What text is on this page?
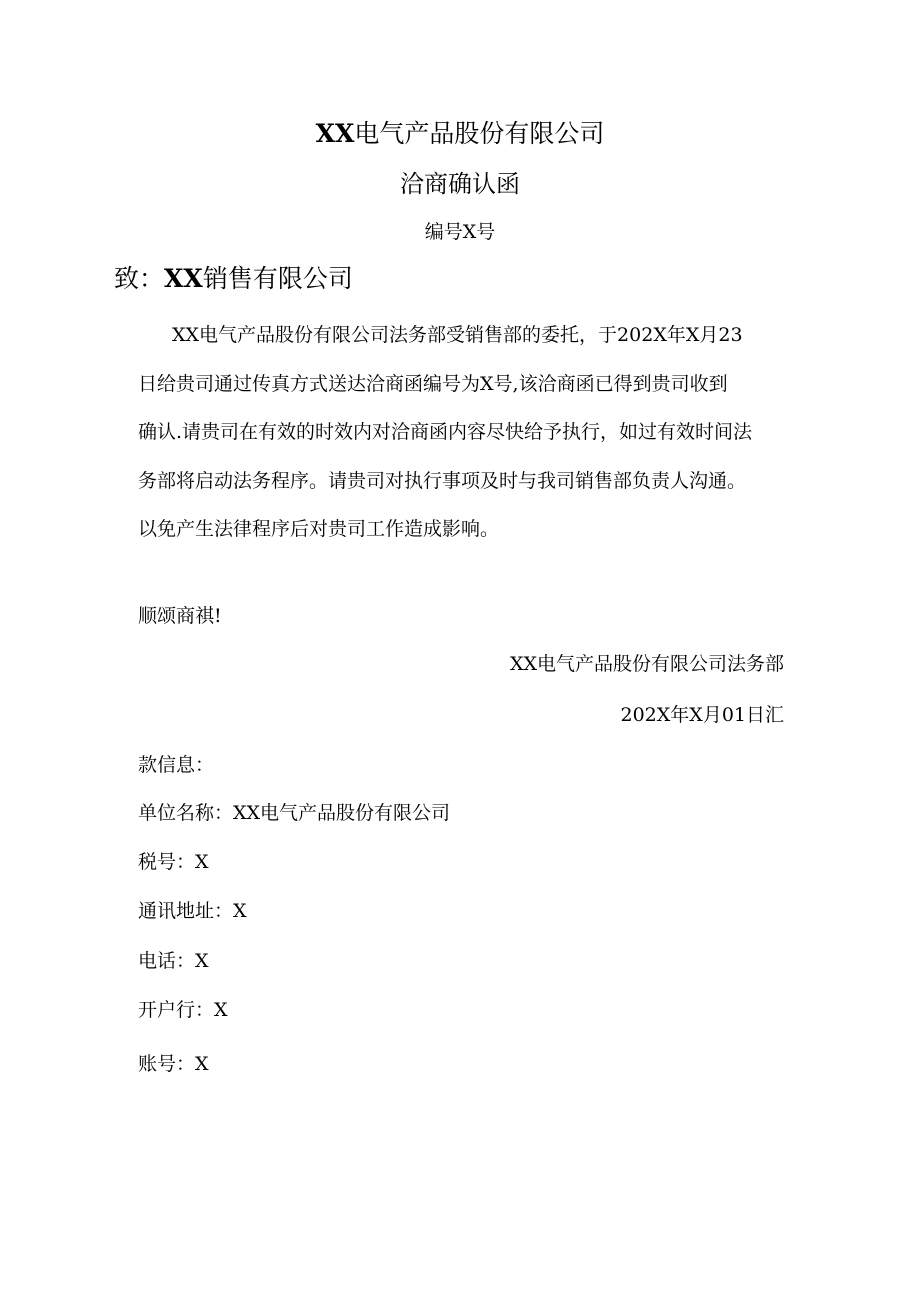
XX电气产品股份有限公司
洽商确认函
编号X号
致：XX销售有限公司
XX电气产品股份有限公司法务部受销售部的委托，于202X年X月23
日给贵司通过传真方式送达洽商函编号为X号,该洽商函已得到贵司收到
确认.请贵司在有效的时效内对洽商函内容尽快给予执行，如过有效时间法
务部将启动法务程序。请贵司对执行事项及时与我司销售部负责人沟通。
以免产生法律程序后对贵司工作造成影响。
顺颂商祺!
XX电气产品股份有限公司法务部
202X年X月01日汇
款信息：
单位名称：XX电气产品股份有限公司
税号：X
通讯地址：X
电话：X
开户行：X
账号：X
